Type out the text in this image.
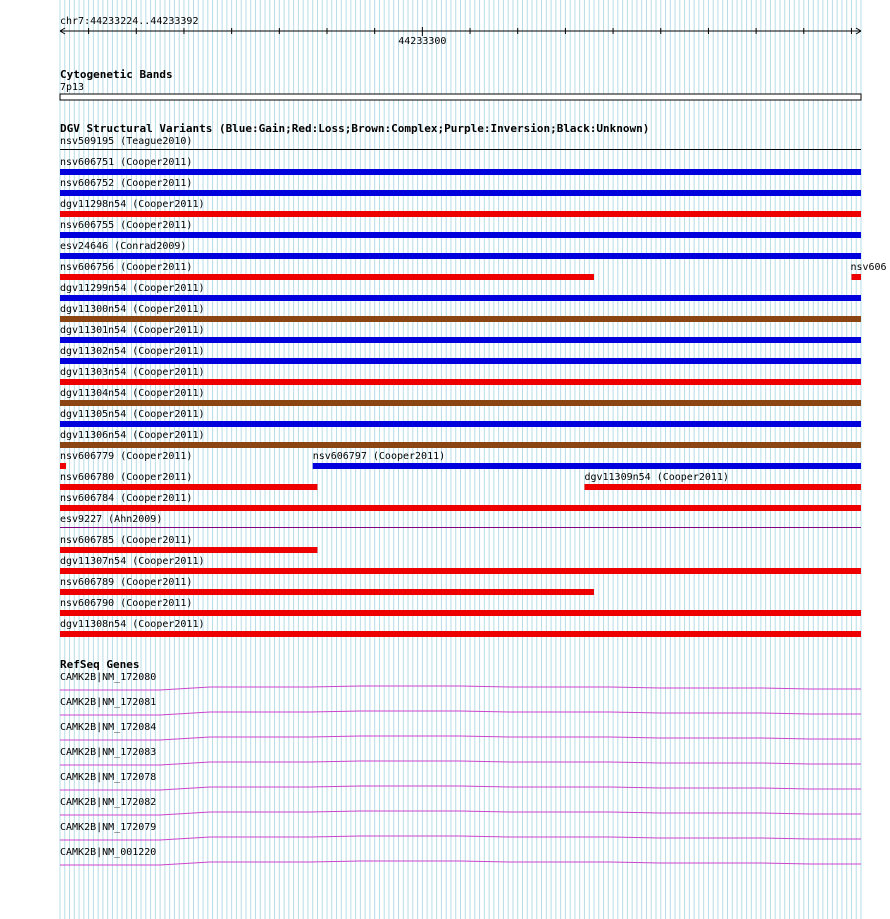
chr7:44233224..44233392
44233300
Cytogenetic Bands
7p13
DGV Structural Variants (Blue:Gain;Red:Loss;Brown:Complex;Purple:Inversion;Black:Unknown)
nsv509195 (Teague2010)
nsv606751 (Cooper2011)
nsv606752 (Cooper2011)
dgv11298n54 (Cooper2011)
nsv606755 (Cooper2011)
esv24646 (Conrad2009)
nsv606756 (Cooper2011)	nsv606
dgv11299n54 (Cooper2011)
dgv11300n54 (Cooper2011)
dgv11301n54 (Cooper2011)
dgv11302n54 (Cooper2011)
dgv11303n54 (Cooper2011)
dgv11304n54 (Cooper2011)
dgv11305n54 (Cooper2011)
dgv11306n54 (Cooper2011)
nsv606779 (Cooper2011)	nsv606797 (Cooper2011)
nsv606780 (Cooper2011)	dgv11309n54 (Cooper2011)
nsv606784 (Cooper2011)
esv9227 (Ahn2009)
nsv606785 (Cooper2011)
dgv11307n54 (Cooper2011)
nsv606789 (Cooper2011)
nsv606790 (Cooper2011)
dgv11308n54 (Cooper2011)
RefSeq Genes
CAMK2B|NM_172080
CAMK2B|NM_172081
CAMK2B|NM_172084
CAMK2B|NM_172083
CAMK2B|NM_172078
CAMK2B|NM_172082
CAMK2B|NM_172079
CAMK2B|NM_001220
